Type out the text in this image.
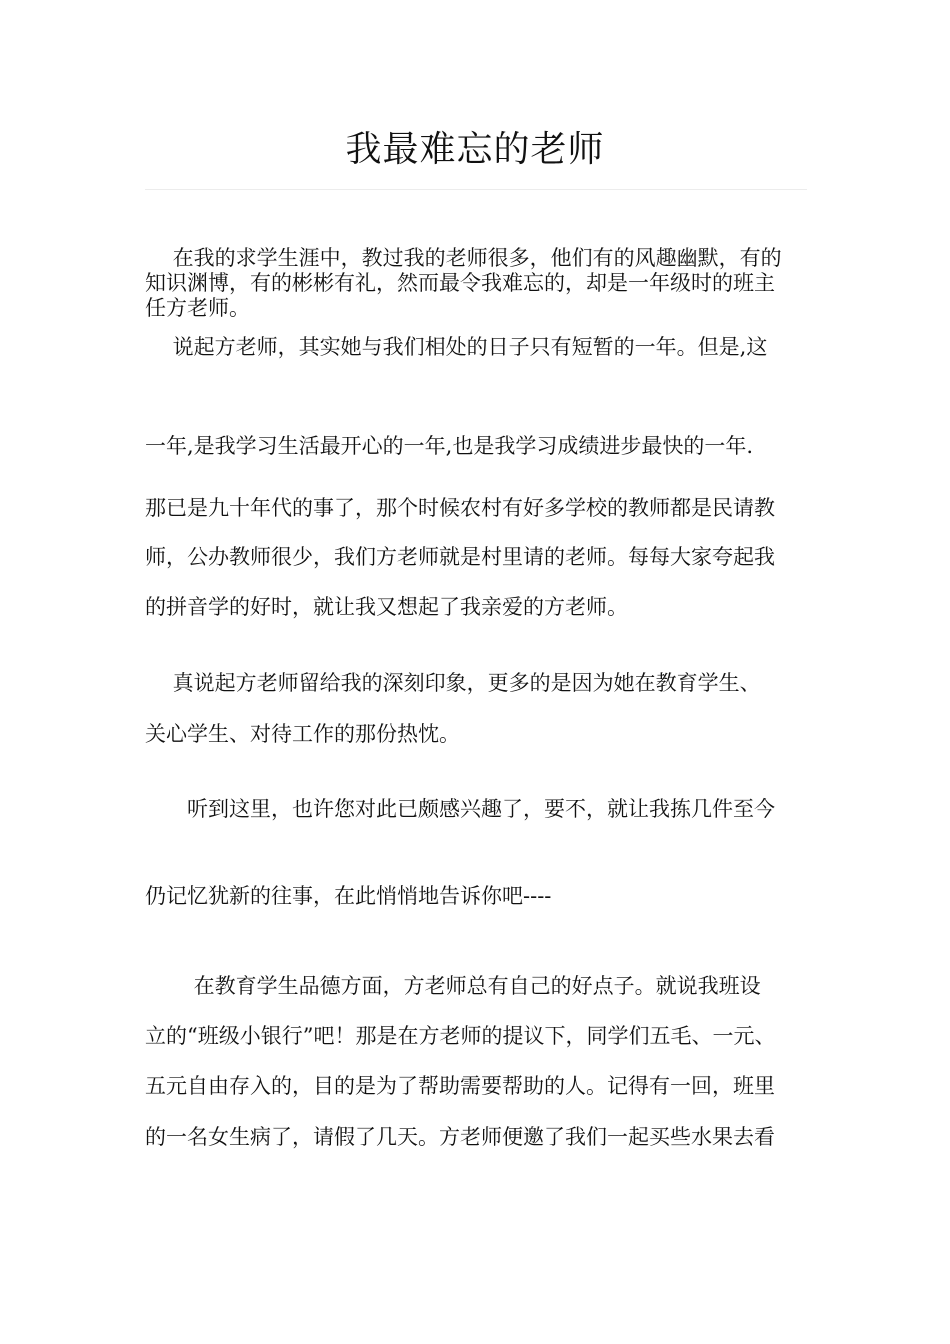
我最难忘的老师
　 在我的求学生涯中，教过我的老师很多，他们有的风趣幽默，有的
知识渊博，有的彬彬有礼，然而最令我难忘的，却是一年级时的班主
任方老师。
　 说起方老师，其实她与我们相处的日子只有短暂的一年。但是,这
一年,是我学习生活最开心的一年,也是我学习成绩进步最快的一年.
那已是九十年代的事了，那个时候农村有好多学校的教师都是民请教
师，公办教师很少，我们方老师就是村里请的老师。每每大家夸起我
的拼音学的好时，就让我又想起了我亲爱的方老师。
　 真说起方老师留给我的深刻印象，更多的是因为她在教育学生、
关心学生、对待工作的那份热忱。
　　听到这里，也许您对此已颇感兴趣了，要不，就让我拣几件至今
仍记忆犹新的往事，在此悄悄地告诉你吧----
　　 在教育学生品德方面，方老师总有自己的好点子。就说我班设
立的“班级小银行”吧！那是在方老师的提议下，同学们五毛、一元、
五元自由存入的，目的是为了帮助需要帮助的人。记得有一回，班里
的一名女生病了，请假了几天。方老师便邀了我们一起买些水果去看
